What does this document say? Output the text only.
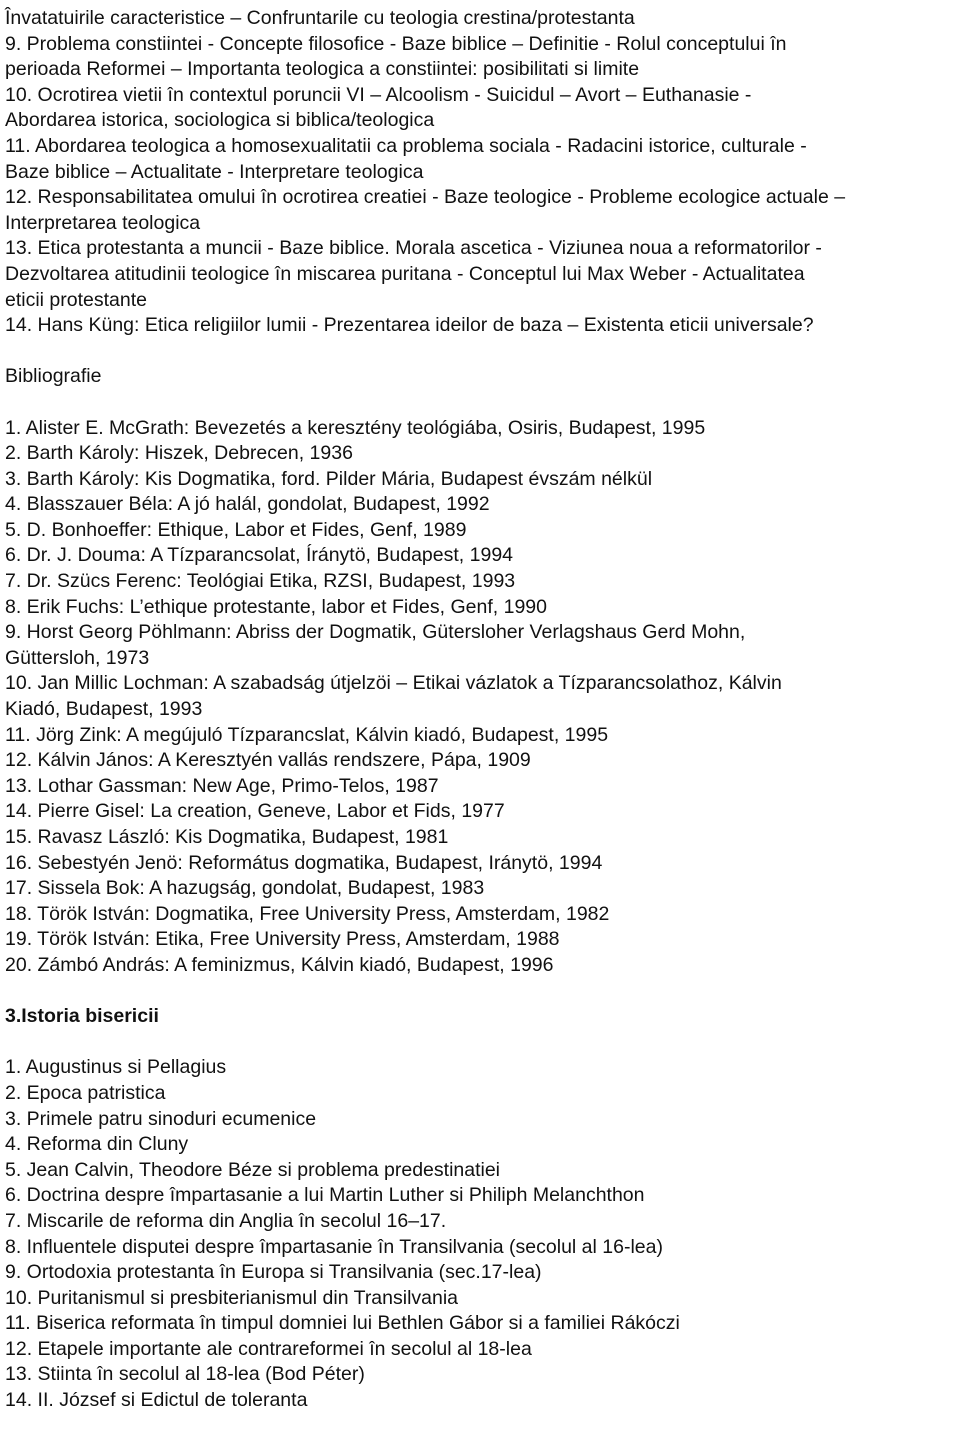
Învatatuirile caracteristice – Confruntarile cu teologia crestina/protestanta
9. Problema constiintei - Concepte filosofice - Baze biblice – Definitie - Rolul conceptului în
perioada Reformei – Importanta teologica a constiintei: posibilitati si limite
10. Ocrotirea vietii în contextul poruncii VI – Alcoolism - Suicidul – Avort – Euthanasie -
Abordarea istorica, sociologica si biblica/teologica
11. Abordarea teologica a homosexualitatii ca problema sociala - Radacini istorice, culturale -
Baze biblice – Actualitate - Interpretare teologica
12. Responsabilitatea omului în ocrotirea creatiei - Baze teologice - Probleme ecologice actuale –
Interpretarea teologica
13. Etica protestanta a muncii - Baze biblice. Morala ascetica - Viziunea noua a reformatorilor -
Dezvoltarea atitudinii teologice în miscarea puritana - Conceptul lui Max Weber - Actualitatea
eticii protestante
14. Hans Küng: Etica religiilor lumii - Prezentarea ideilor de baza – Existenta eticii universale?
Bibliografie
1. Alister E. McGrath: Bevezetés a keresztény teológiába, Osiris, Budapest, 1995
2. Barth Károly: Hiszek, Debrecen, 1936
3. Barth Károly: Kis Dogmatika, ford. Pilder Mária, Budapest évszám nélkül
4. Blasszauer Béla: A jó halál, gondolat, Budapest, 1992
5. D. Bonhoeffer: Ethique, Labor et Fides, Genf, 1989
6. Dr. J. Douma: A Tízparancsolat, Íránytö, Budapest, 1994
7. Dr. Szücs Ferenc: Teológiai Etika, RZSI, Budapest, 1993
8. Erik Fuchs: L’ethique protestante, labor et Fides, Genf, 1990
9. Horst Georg Pöhlmann: Abriss der Dogmatik, Gütersloher Verlagshaus Gerd Mohn,
Güttersloh, 1973
10. Jan Millic Lochman: A szabadság útjelzöi – Etikai vázlatok a Tízparancsolathoz, Kálvin
Kiadó, Budapest, 1993
11. Jörg Zink: A megújuló Tízparancslat, Kálvin kiadó, Budapest, 1995
12. Kálvin János: A Keresztyén vallás rendszere, Pápa, 1909
13. Lothar Gassman: New Age, Primo-Telos, 1987
14. Pierre Gisel: La creation, Geneve, Labor et Fids, 1977
15. Ravasz László: Kis Dogmatika, Budapest, 1981
16. Sebestyén Jenö: Református dogmatika, Budapest, Iránytö, 1994
17. Sissela Bok: A hazugság, gondolat, Budapest, 1983
18. Török István: Dogmatika, Free University Press, Amsterdam, 1982
19. Török István: Etika, Free University Press, Amsterdam, 1988
20. Zámbó András: A feminizmus, Kálvin kiadó, Budapest, 1996
3.Istoria bisericii
1. Augustinus si Pellagius
2. Epoca patristica
3. Primele patru sinoduri ecumenice
4. Reforma din Cluny
5. Jean Calvin, Theodore Béze si problema predestinatiei
6. Doctrina despre împartasanie a lui Martin Luther si Philiph Melanchthon
7. Miscarile de reforma din Anglia în secolul 16–17.
8. Influentele disputei despre împartasanie în Transilvania (secolul al 16-lea)
9. Ortodoxia protestanta în Europa si Transilvania (sec.17-lea)
10. Puritanismul si presbiterianismul din Transilvania
11. Biserica reformata în timpul domniei lui Bethlen Gábor si a familiei Rákóczi
12. Etapele importante ale contrareformei în secolul al 18-lea
13. Stiinta în secolul al 18-lea (Bod Péter)
14. II. József si Edictul de toleranta
